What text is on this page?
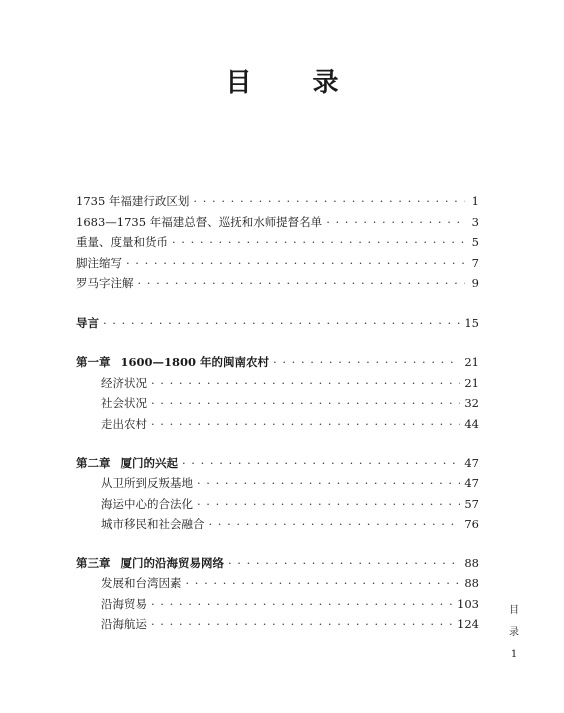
目 录
1735 年福建行政区划 · · ·	1
1683—1735 年福建总督、巡抚和水师提督名单 · · ·	3
重量、度量和货币 · · ·	5
脚注缩写 · · ·	7
罗马字注解 · · ·	9
导言 · · ·	15
第一章 1600—1800 年的闽南农村 · · ·	21
经济状况 · · ·	21
社会状况 · · ·	32
走出农村 · · ·	44
第二章 厦门的兴起 · · ·	47
从卫所到反叛基地 · · ·	47
海运中心的合法化 · · ·	57
城市移民和社会融合 · · ·	76
第三章 厦门的沿海贸易网络 · · ·	88
发展和台湾因素 · · ·	88
沿海贸易 · · ·	103
沿海航运 · · ·	124
目
录
1
